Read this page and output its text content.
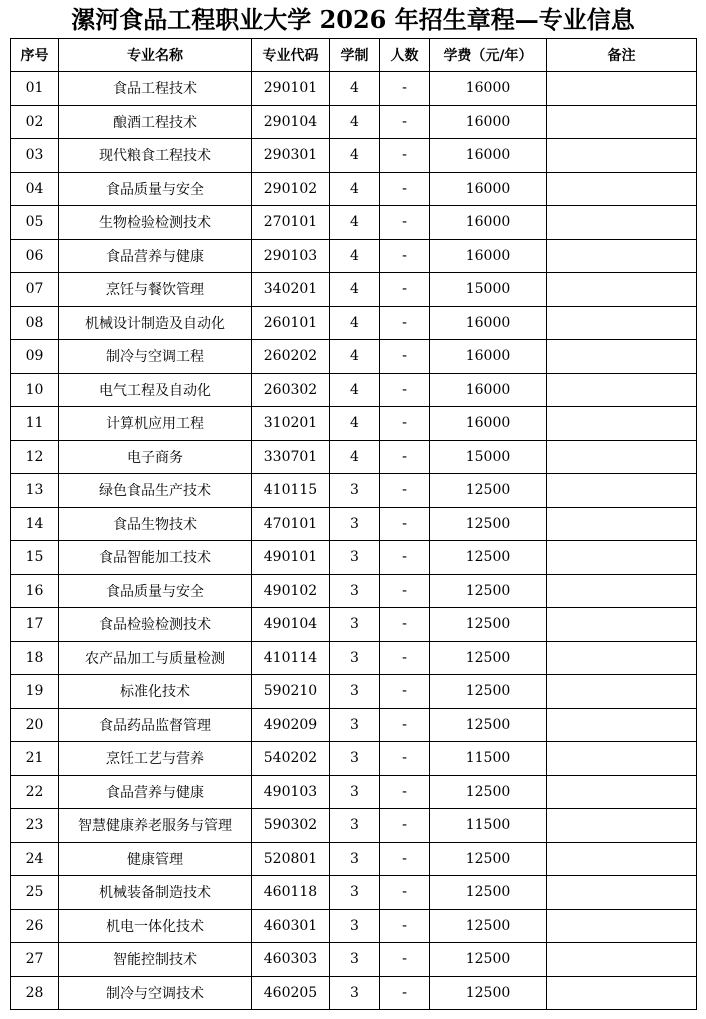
漯河食品工程职业大学 2026 年招生章程—专业信息
序号	专业名称	专业代码	学制	人数	学费（元/年）	备注
01	食品工程技术	290101	4	-	16000	
02	酿酒工程技术	290104	4	-	16000	
03	现代粮食工程技术	290301	4	-	16000	
04	食品质量与安全	290102	4	-	16000	
05	生物检验检测技术	270101	4	-	16000	
06	食品营养与健康	290103	4	-	16000	
07	烹饪与餐饮管理	340201	4	-	15000	
08	机械设计制造及自动化	260101	4	-	16000	
09	制冷与空调工程	260202	4	-	16000	
10	电气工程及自动化	260302	4	-	16000	
11	计算机应用工程	310201	4	-	16000	
12	电子商务	330701	4	-	15000	
13	绿色食品生产技术	410115	3	-	12500	
14	食品生物技术	470101	3	-	12500	
15	食品智能加工技术	490101	3	-	12500	
16	食品质量与安全	490102	3	-	12500	
17	食品检验检测技术	490104	3	-	12500	
18	农产品加工与质量检测	410114	3	-	12500	
19	标准化技术	590210	3	-	12500	
20	食品药品监督管理	490209	3	-	12500	
21	烹饪工艺与营养	540202	3	-	11500	
22	食品营养与健康	490103	3	-	12500	
23	智慧健康养老服务与管理	590302	3	-	11500	
24	健康管理	520801	3	-	12500	
25	机械装备制造技术	460118	3	-	12500	
26	机电一体化技术	460301	3	-	12500	
27	智能控制技术	460303	3	-	12500	
28	制冷与空调技术	460205	3	-	12500	
